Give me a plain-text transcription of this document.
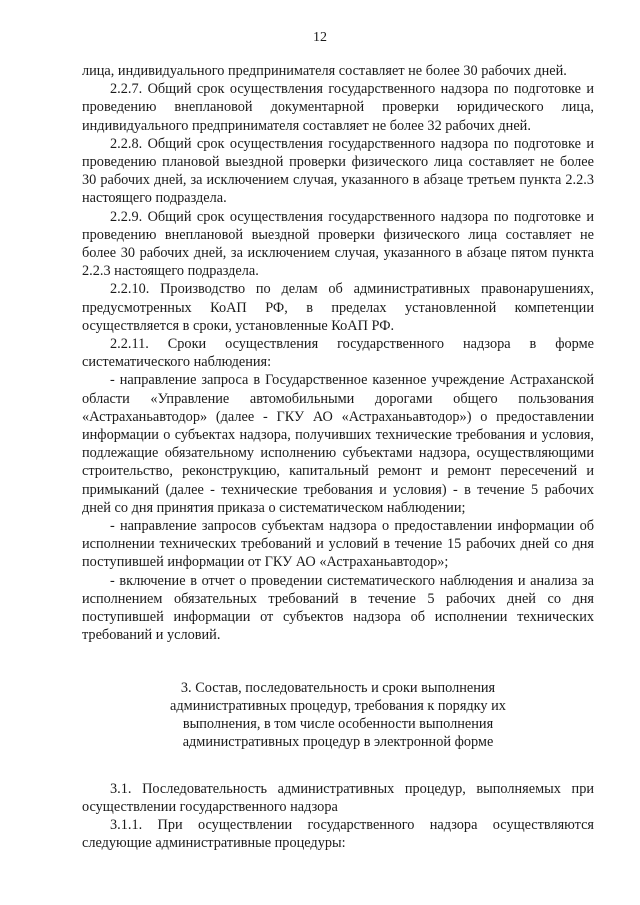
12

лица, индивидуального предпринимателя составляет не более 30 рабочих дней.

2.2.7. Общий срок осуществления государственного надзора по подготовке и проведению внеплановой документарной проверки юридического лица, индивидуального предпринимателя составляет не более 32 рабочих дней.

2.2.8. Общий срок осуществления государственного надзора по подготовке и проведению плановой выездной проверки физического лица составляет не более 30 рабочих дней, за исключением случая, указанного в абзаце третьем пункта 2.2.3 настоящего подраздела.

2.2.9. Общий срок осуществления государственного надзора по подготовке и проведению внеплановой выездной проверки физического лица составляет не более 30 рабочих дней, за исключением случая, указанного в абзаце пятом пункта 2.2.3 настоящего подраздела.

2.2.10. Производство по делам об административных правонарушениях, предусмотренных КоАП РФ, в пределах установленной компетенции осуществляется в сроки, установленные КоАП РФ.

2.2.11. Сроки осуществления государственного надзора в форме систематического наблюдения:

- направление запроса в Государственное казенное учреждение Астраханской области «Управление автомобильными дорогами общего пользования «Астраханьавтодор» (далее - ГКУ АО «Астраханьавтодор») о предоставлении информации о субъектах надзора, получивших технические требования и условия, подлежащие обязательному исполнению субъектами надзора, осуществляющими строительство, реконструкцию, капитальный ремонт и ремонт пересечений и примыканий (далее - технические требования и условия) - в течение 5 рабочих дней со дня принятия приказа о систематическом наблюдении;

- направление запросов субъектам надзора о предоставлении информации об исполнении технических требований и условий в течение 15 рабочих дней со дня поступившей информации от ГКУ АО «Астраханьавтодор»;

- включение в отчет о проведении систематического наблюдения и анализа за исполнением обязательных требований в течение 5 рабочих дней со дня поступившей информации от субъектов надзора об исполнении технических требований и условий.

3. Состав, последовательность и сроки выполнения
административных процедур, требования к порядку их
выполнения, в том числе особенности выполнения
административных процедур в электронной форме

3.1. Последовательность административных процедур, выполняемых при осуществлении государственного надзора

3.1.1. При осуществлении государственного надзора осуществляются следующие административные процедуры:
